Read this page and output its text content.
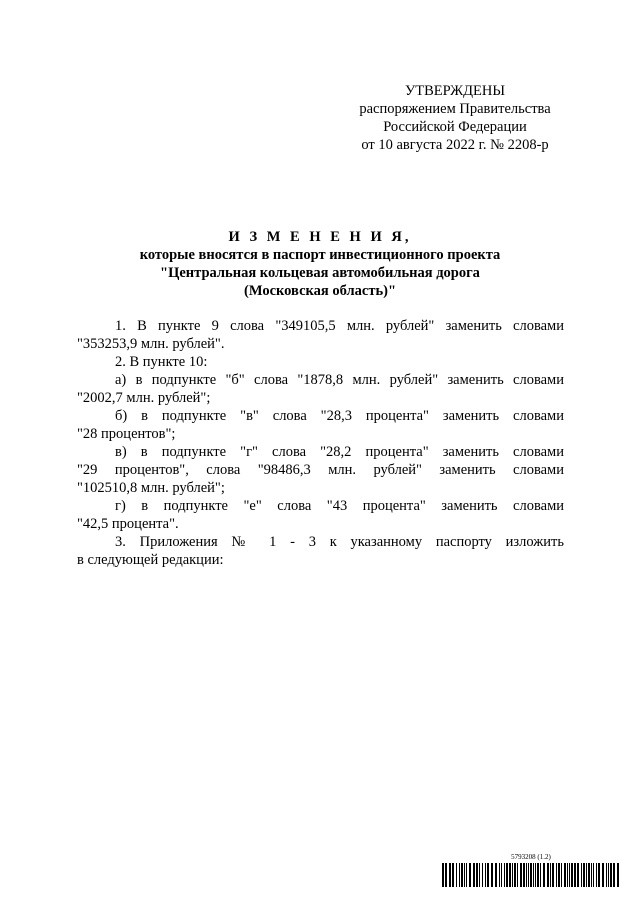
УТВЕРЖДЕНЫ
распоряжением Правительства
Российской Федерации
от 10 августа 2022 г. № 2208-р
И З М Е Н Е Н И Я,
которые вносятся в паспорт инвестиционного проекта
"Центральная кольцевая автомобильная дорога
(Московская область)"
1. В пункте 9 слова "349105,5 млн. рублей" заменить словами
"353253,9 млн. рублей".
2. В пункте 10:
а) в подпункте "б" слова "1878,8 млн. рублей" заменить словами
"2002,7 млн. рублей";
б) в подпункте "в" слова "28,3 процента" заменить словами
"28 процентов";
в) в подпункте "г" слова "28,2 процента" заменить словами
"29 процентов", слова "98486,3 млн. рублей" заменить словами
"102510,8 млн. рублей";
г) в подпункте "е" слова "43 процента" заменить словами
"42,5 процента".
3. Приложения № 1 - 3 к указанному паспорту изложить
в следующей редакции:
5793208 (1.2)
